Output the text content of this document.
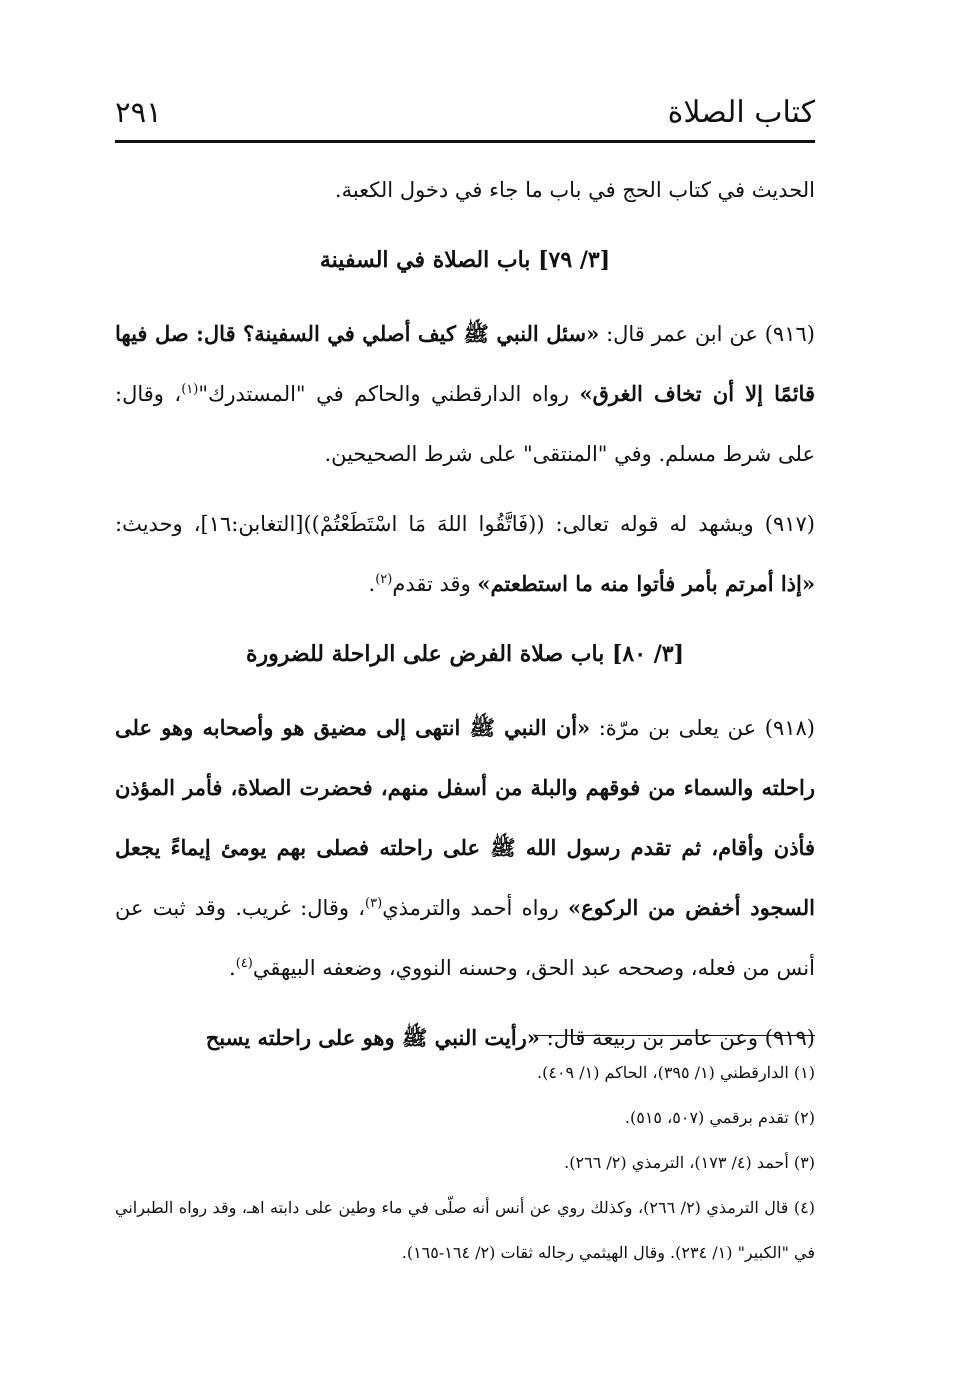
كتاب الصلاة
٢٩١

الحديث في كتاب الحج في باب ما جاء في دخول الكعبة.

[٣/ ٧٩] باب الصلاة في السفينة

(٩١٦) عن ابن عمر قال: «سئل النبي ﷺ كيف أصلي في السفينة؟ قال: صل فيها قائمًا إلا أن تخاف الغرق» رواه الدارقطني والحاكم في "المستدرك"$^{(١)}$، وقال: على شرط مسلم. وفي "المنتقى" على شرط الصحيحين.

(٩١٧) ويشهد له قوله تعالى: ((فَاتَّقُوا اللهَ مَا اسْتَطَعْتُمْ))[التغابن:١٦]، وحديث: «إذا أمرتم بأمر فأتوا منه ما استطعتم» وقد تقدم$^{(٢)}$.

[٣/ ٨٠] باب صلاة الفرض على الراحلة للضرورة

(٩١٨) عن يعلى بن مرّة: «أن النبي ﷺ انتهى إلى مضيق هو وأصحابه وهو على راحلته والسماء من فوقهم والبلة من أسفل منهم، فحضرت الصلاة، فأمر المؤذن فأذن وأقام، ثم تقدم رسول الله ﷺ على راحلته فصلى بهم يومئ إيماءً يجعل السجود أخفض من الركوع» رواه أحمد والترمذي$^{(٣)}$، وقال: غريب. وقد ثبت عن أنس من فعله، وصححه عبد الحق، وحسنه النووي، وضعفه البيهقي$^{(٤)}$.

(٩١٩) وعن عامر بن ربيعة قال: «رأيت النبي ﷺ وهو على راحلته يسبح

(١) الدارقطني (١/ ٣٩٥)، الحاكم (١/ ٤٠٩).

(٢) تقدم برقمي (٥٠٧، ٥١٥).

(٣) أحمد (٤/ ١٧٣)، الترمذي (٢/ ٢٦٦).

(٤) قال الترمذي (٢/ ٢٦٦)، وكذلك روي عن أنس أنه صلّى في ماء وطين على دابته اهـ، وقد رواه الطبراني في "الكبير" (١/ ٢٣٤). وقال الهيثمي رجاله ثقات (٢/ ١٦٤-١٦٥).
